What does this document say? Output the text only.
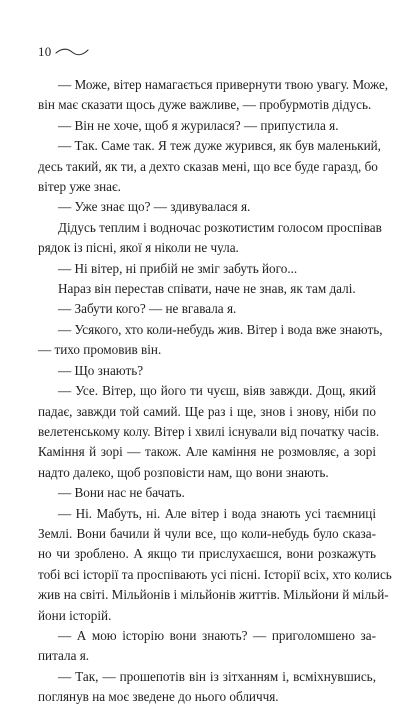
10
— Може, вітер намагається привернути твою увагу. Може,
він має сказати щось дуже важливе, — пробурмотів дідусь.
— Він не хоче, щоб я журилася? — припустила я.
— Так. Саме так. Я теж дуже журився, як був маленький,
десь такий, як ти, а дехто сказав мені, що все буде гаразд, бо
вітер уже знає.
— Уже знає що? — здивувалася я.
Дідусь теплим і водночас розкотистим голосом проспівав
рядок із пісні, якої я ніколи не чула.
— Ні вітер, ні прибій не зміг забуть його...
Нараз він перестав співати, наче не знав, як там далі.
— Забути кого? — не вгавала я.
— Усякого, хто коли-небудь жив. Вітер і вода вже знають,
— тихо промовив він.
— Що знають?
— Усе. Вітер, що його ти чуєш, віяв завжди. Дощ, який
падає, завжди той самий. Ще раз і ще, знов і знову, ніби по
велетенському колу. Вітер і хвилі існували від початку часів.
Каміння й зорі — також. Але каміння не розмовляє, а зорі
надто далеко, щоб розповісти нам, що вони знають.
— Вони нас не бачать.
— Ні. Мабуть, ні. Але вітер і вода знають усі таємниці
Землі. Вони бачили й чули все, що коли-небудь було сказа-
но чи зроблено. А якщо ти прислухаєшся, вони розкажуть
тобі всі історії та проспівають усі пісні. Історії всіх, хто колись
жив на світі. Мільйонів і мільйонів життів. Мільйони й мільй-
йони історій.
— А мою історію вони знають? — приголомшено за-
питала я.
— Так, — прошепотів він із зітханням і, всміхнувшись,
поглянув на моє зведене до нього обличчя.
